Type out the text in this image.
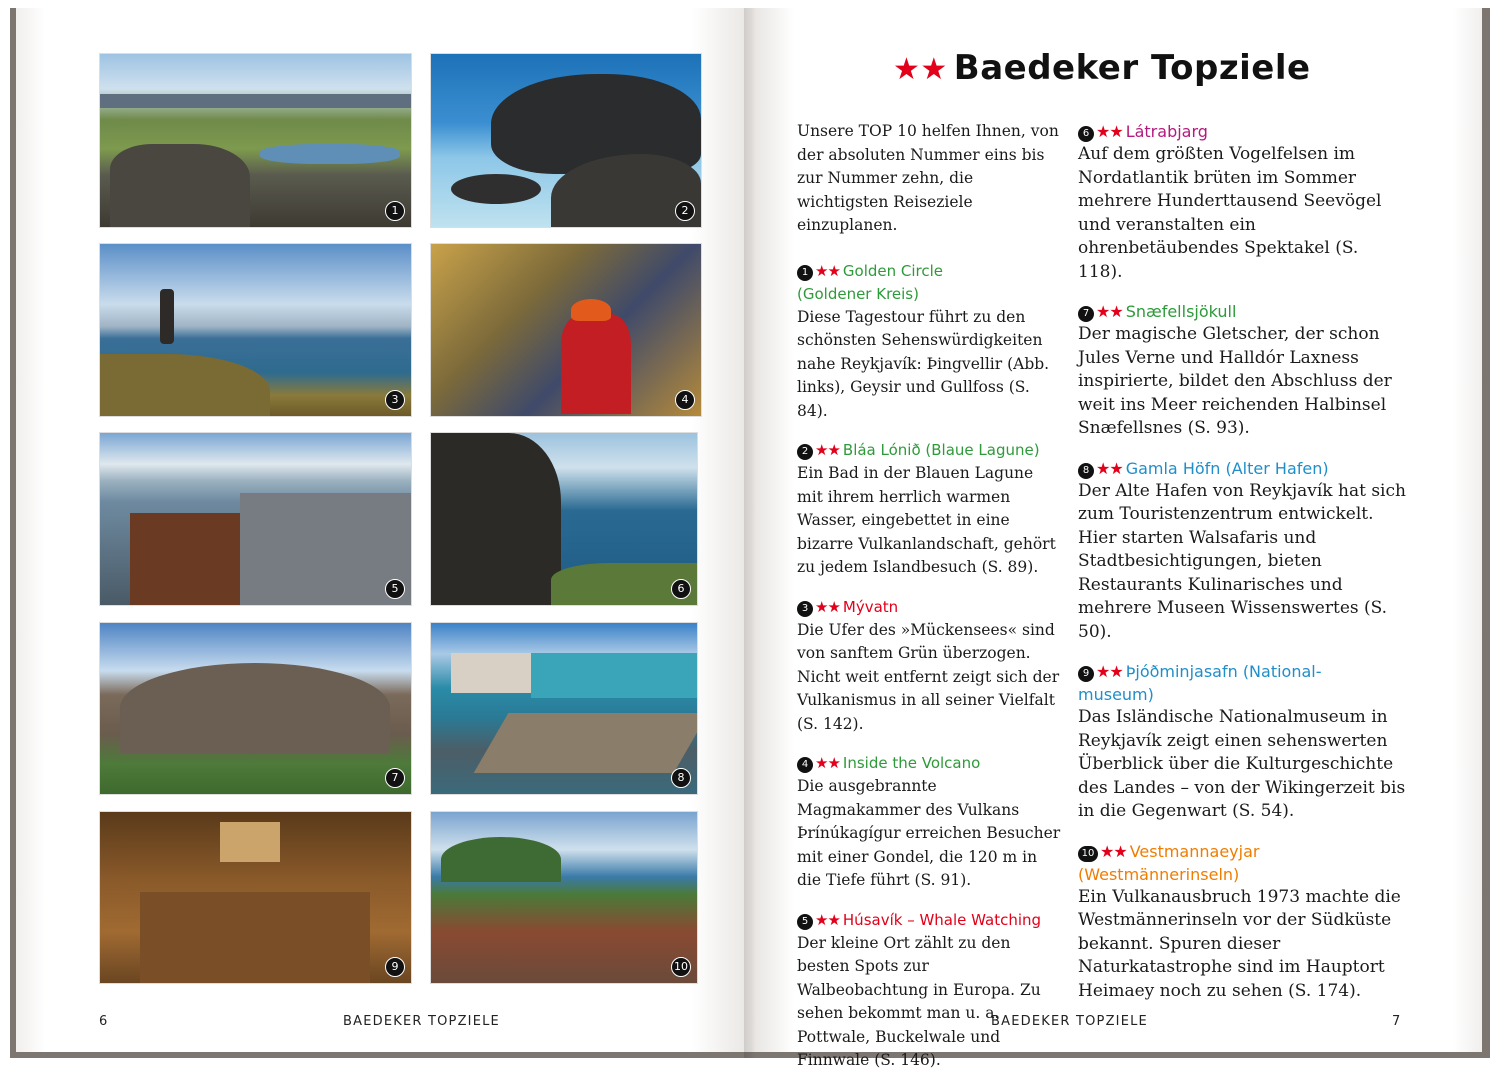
1	2
3	4
5	6
7	8
9	10
★★ Baedeker Topziele
Unsere TOP 10 helfen Ihnen, von der absoluten Nummer eins bis zur Nummer zehn, die wichtigsten Reiseziele einzuplanen.
1 ★★ Golden Circle
(Goldener Kreis)
Diese Tagestour führt zu den schönsten Sehenswürdigkeiten nahe Reykjavík: Þingvellir (Abb. links), Geysir und Gullfoss (S. 84).
2 ★★ Bláa Lónið (Blaue Lagune)
Ein Bad in der Blauen Lagune mit ihrem herrlich warmen Wasser, eingebettet in eine bizarre Vulkanlandschaft, gehört zu jedem Islandbesuch (S. 89).
3 ★★ Mývatn
Die Ufer des »Mückensees« sind von sanftem Grün überzogen. Nicht weit entfernt zeigt sich der Vulkanismus in all seiner Vielfalt (S. 142).
4 ★★ Inside the Volcano
Die ausgebrannte Magmakammer des Vulkans Þrínúkagígur erreichen Besucher mit einer Gondel, die 120 m in die Tiefe führt (S. 91).
5 ★★ Húsavík – Whale Watching
Der kleine Ort zählt zu den besten Spots zur Walbeobachtung in Europa. Zu sehen bekommt man u. a. Pottwale, Buckelwale und Finnwale (S. 146).
6 ★★ Látrabjarg
Auf dem größten Vogelfelsen im Nordatlantik brüten im Sommer mehrere Hunderttausend Seevögel und veranstalten ein ohrenbetäubendes Spektakel (S. 118).
7 ★★ Snæfellsjökull
Der magische Gletscher, der schon Jules Verne und Halldór Laxness inspirierte, bildet den Abschluss der weit ins Meer reichenden Halbinsel Snæfellsnes (S. 93).
8 ★★ Gamla Höfn (Alter Hafen)
Der Alte Hafen von Reykjavík hat sich zum Touristenzentrum entwickelt. Hier starten Walsafaris und Stadtbesichtigungen, bieten Restaurants Kulinarisches und mehrere Museen Wissenswertes (S. 50).
9 ★★ Þjóðminjasafn (National-
museum)
Das Isländische Nationalmuseum in Reykjavík zeigt einen sehenswerten Überblick über die Kulturgeschichte des Landes – von der Wikingerzeit bis in die Gegenwart (S. 54).
10 ★★ Vestmannaeyjar
(Westmännerinseln)
Ein Vulkanausbruch 1973 machte die Westmännerinseln vor der Südküste bekannt. Spuren dieser Naturkatastrophe sind im Hauptort Heimaey noch zu sehen (S. 174).
6	BAEDEKER TOPZIELE	BAEDEKER TOPZIELE	7
